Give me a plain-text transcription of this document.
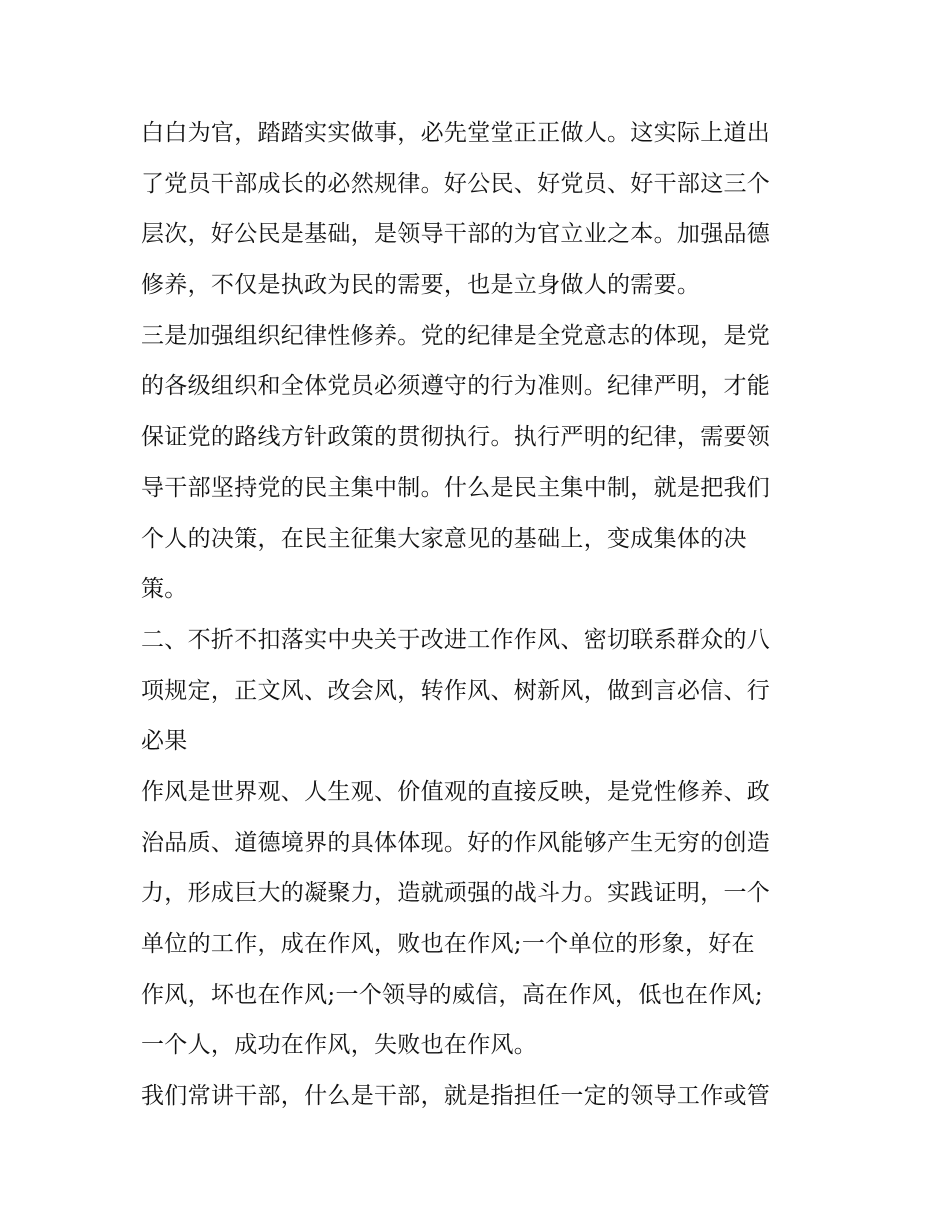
白白为官，踏踏实实做事，必先堂堂正正做人。这实际上道出
了党员干部成长的必然规律。好公民、好党员、好干部这三个
层次，好公民是基础，是领导干部的为官立业之本。加强品德
修养，不仅是执政为民的需要，也是立身做人的需要。
三是加强组织纪律性修养。党的纪律是全党意志的体现，是党
的各级组织和全体党员必须遵守的行为准则。纪律严明，才能
保证党的路线方针政策的贯彻执行。执行严明的纪律，需要领
导干部坚持党的民主集中制。什么是民主集中制，就是把我们
个人的决策，在民主征集大家意见的基础上，变成集体的决
策。
二、不折不扣落实中央关于改进工作作风、密切联系群众的八
项规定，正文风、改会风，转作风、树新风，做到言必信、行
必果
作风是世界观、人生观、价值观的直接反映，是党性修养、政
治品质、道德境界的具体体现。好的作风能够产生无穷的创造
力，形成巨大的凝聚力，造就顽强的战斗力。实践证明，一个
单位的工作，成在作风，败也在作风;一个单位的形象，好在
作风，坏也在作风;一个领导的威信，高在作风，低也在作风;
一个人，成功在作风，失败也在作风。
我们常讲干部，什么是干部，就是指担任一定的领导工作或管
